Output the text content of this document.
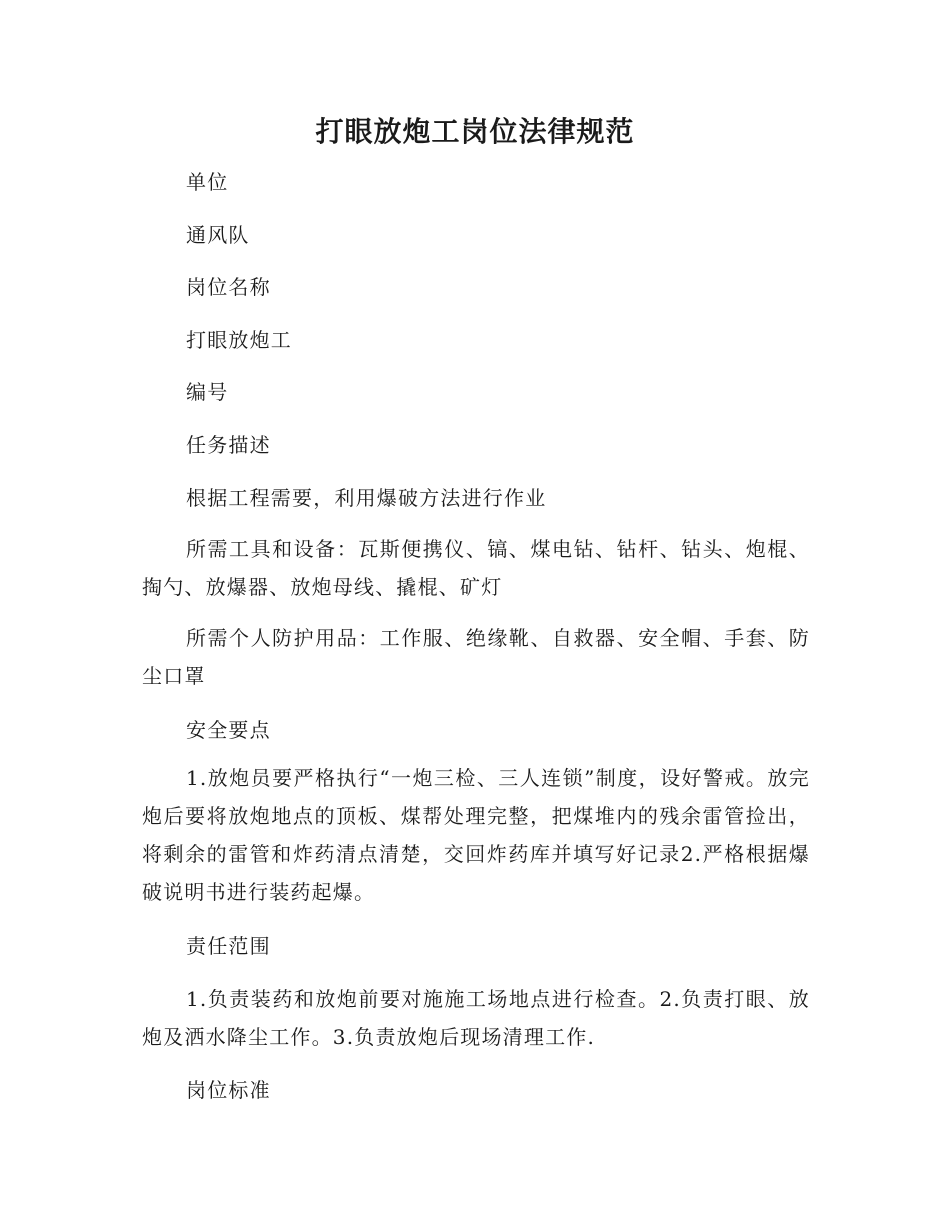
打眼放炮工岗位法律规范

单位

通风队

岗位名称

打眼放炮工

编号

任务描述

根据工程需要，利用爆破方法进行作业

所需工具和设备：瓦斯便携仪、镐、煤电钻、钻杆、钻头、炮棍、掏勺、放爆器、放炮母线、撬棍、矿灯

所需个人防护用品：工作服、绝缘靴、自救器、安全帽、手套、防尘口罩

安全要点

1.放炮员要严格执行“一炮三检、三人连锁”制度，设好警戒。放完炮后要将放炮地点的顶板、煤帮处理完整，把煤堆内的残余雷管捡出，将剩余的雷管和炸药清点清楚，交回炸药库并填写好记录2.严格根据爆破说明书进行装药起爆。

责任范围

1.负责装药和放炮前要对施施工场地点进行检查。2.负责打眼、放炮及洒水降尘工作。3.负责放炮后现场清理工作.

岗位标准
